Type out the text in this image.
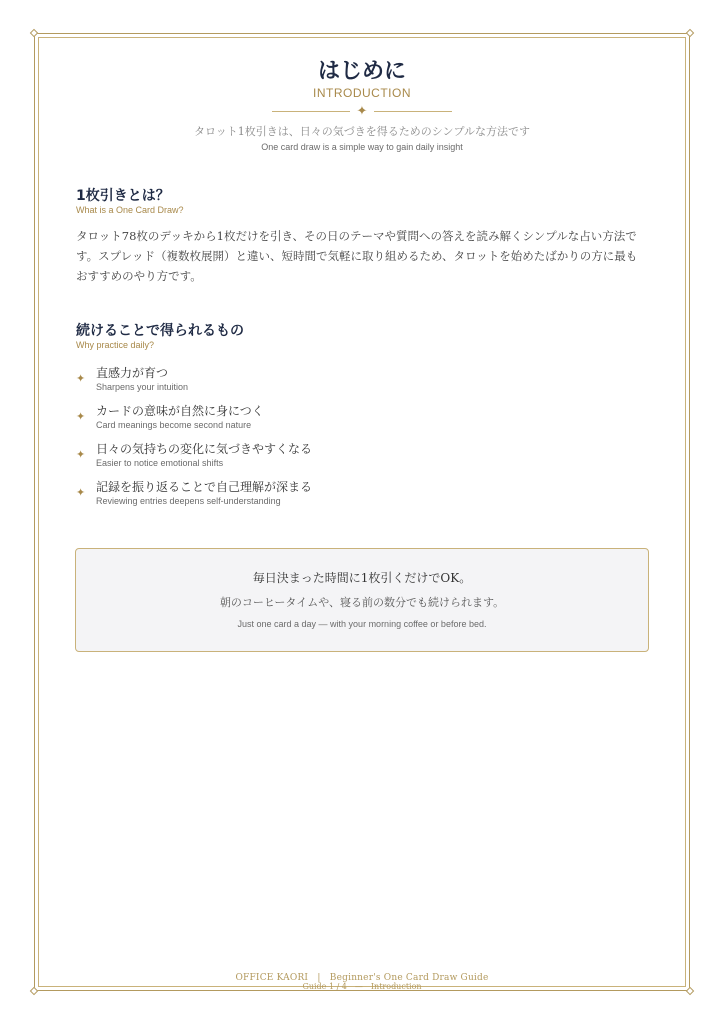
はじめに
INTRODUCTION
✦
タロット1枚引きは、日々の気づきを得るためのシンプルな方法です
One card draw is a simple way to gain daily insight
1枚引きとは？
What is a One Card Draw?
タロット78枚のデッキから1枚だけを引き、その日のテーマや質問への答えを読み解くシンプルな占い方法で
す。スプレッド（複数枚展開）と違い、短時間で気軽に取り組めるため、タロットを始めたばかりの方に最も
おすすめのやり方です。
続けることで得られるもの
Why practice daily?
✦ 直感力が育つ
Sharpens your intuition
✦ カードの意味が自然に身につく
Card meanings become second nature
✦ 日々の気持ちの変化に気づきやすくなる
Easier to notice emotional shifts
✦ 記録を振り返ることで自己理解が深まる
Reviewing entries deepens self-understanding
毎日決まった時間に1枚引くだけでOK。
朝のコーヒータイムや、寝る前の数分でも続けられます。
Just one card a day — with your morning coffee or before bed.
OFFICE KAORI　|　Beginner's One Card Draw Guide
Guide 1 / 4　—　Introduction
